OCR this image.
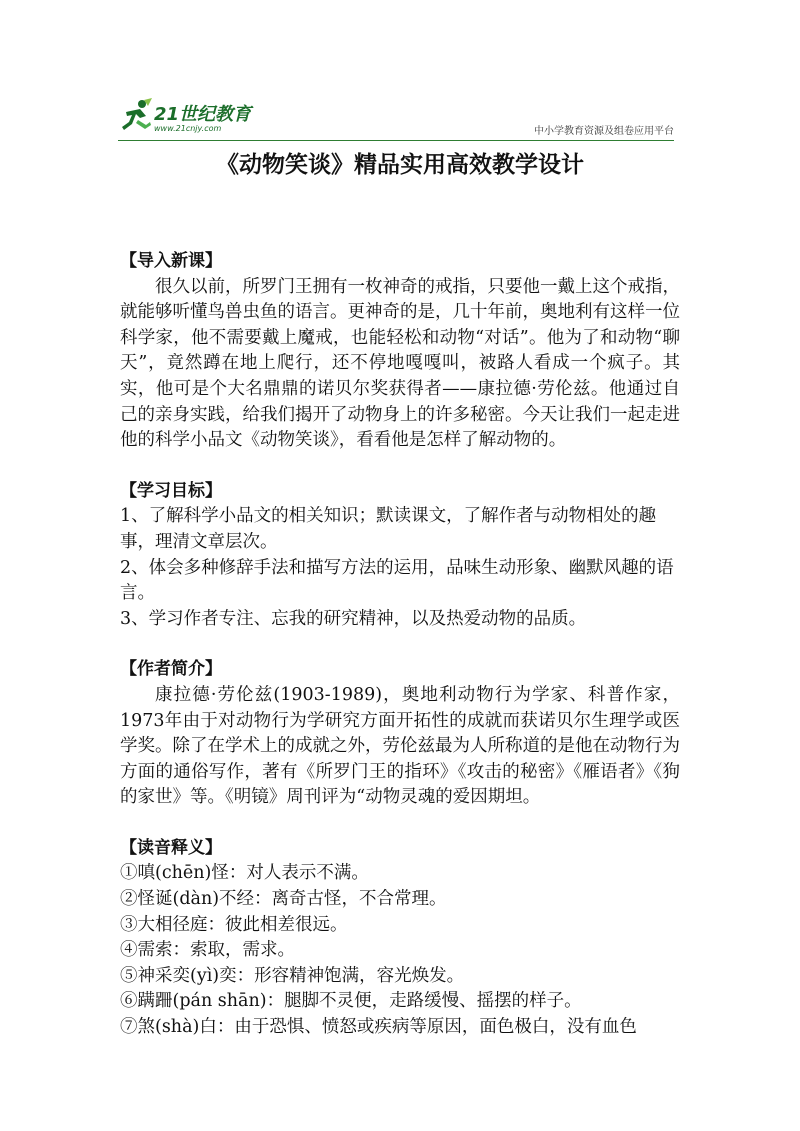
21世纪教育
www.21cnjy.com	中小学教育资源及组卷应用平台
《动物笑谈》精品实用高效教学设计
【导入新课】

很久以前，所罗门王拥有一枚神奇的戒指，只要他一戴上这个戒指，就能够听懂鸟兽虫鱼的语言。更神奇的是，几十年前，奥地利有这样一位科学家，他不需要戴上魔戒，也能轻松和动物“对话”。他为了和动物“聊天”，竟然蹲在地上爬行，还不停地嘎嘎叫，被路人看成一个疯子。其实，他可是个大名鼎鼎的诺贝尔奖获得者——康拉德·劳伦兹。他通过自己的亲身实践，给我们揭开了动物身上的许多秘密。今天让我们一起走进他的科学小品文《动物笑谈》，看看他是怎样了解动物的。

【学习目标】

1、了解科学小品文的相关知识；默读课文，了解作者与动物相处的趣事，理清文章层次。

2、体会多种修辞手法和描写方法的运用，品味生动形象、幽默风趣的语言。

3、学习作者专注、忘我的研究精神，以及热爱动物的品质。

【作者简介】

康拉德·劳伦兹(1903-1989)，奥地利动物行为学家、科普作家，1973年由于对动物行为学研究方面开拓性的成就而获诺贝尔生理学或医学奖。除了在学术上的成就之外，劳伦兹最为人所称道的是他在动物行为方面的通俗写作，著有《所罗门王的指环》《攻击的秘密》《雁语者》《狗的家世》等。《明镜》周刊评为“动物灵魂的爱因期坦。

【读音释义】

①嗔(chēn)怪：对人表示不满。

②怪诞(dàn)不经：离奇古怪，不合常理。

③大相径庭：彼此相差很远。

④需索：索取，需求。

⑤神采奕(yì)奕：形容精神饱满，容光焕发。

⑥蹒跚(pán shān)：腿脚不灵便，走路缓慢、摇摆的样子。

⑦煞(shà)白：由于恐惧、愤怒或疾病等原因，面色极白，没有血色
